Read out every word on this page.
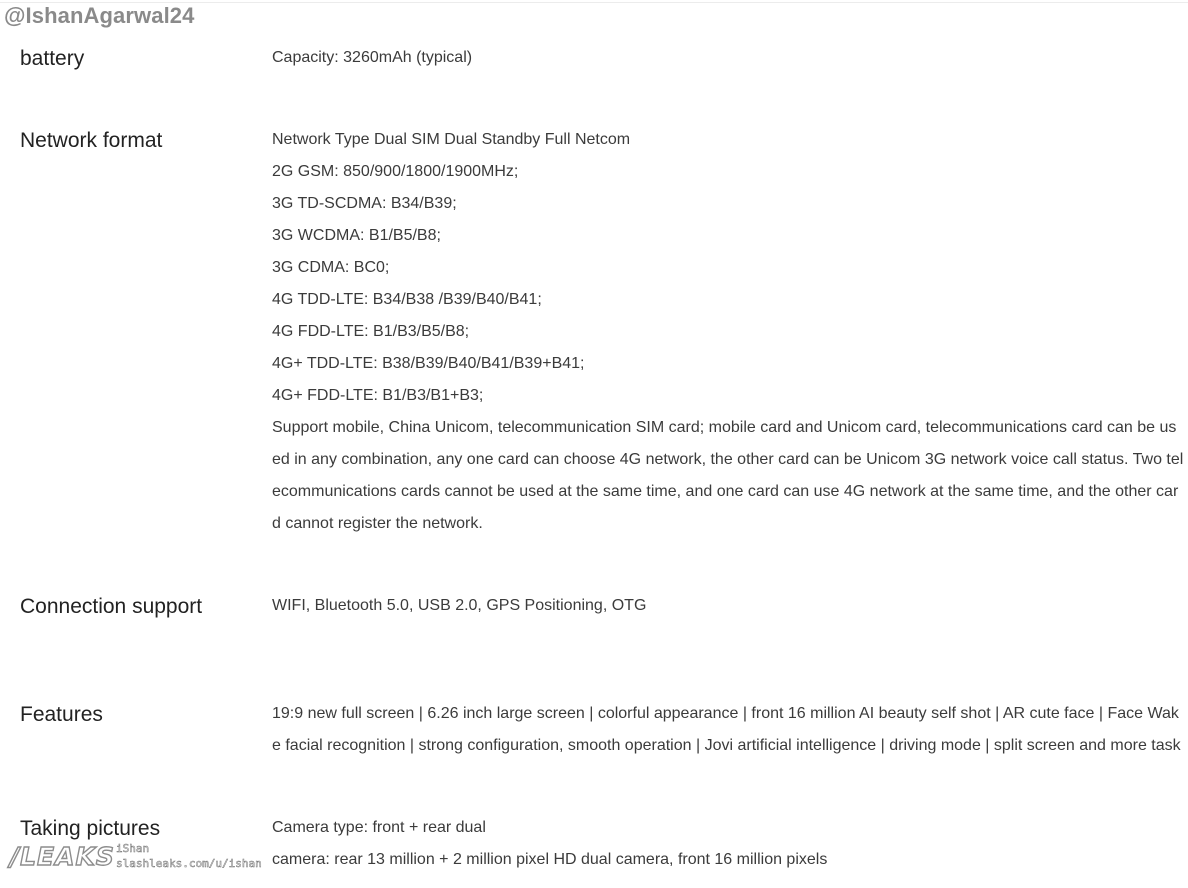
@IshanAgarwal24
battery	Capacity: 3260mAh (typical)
Network format	Network Type Dual SIM Dual Standby Full Netcom
2G GSM: 850/900/1800/1900MHz;
3G TD-SCDMA: B34/B39;
3G WCDMA: B1/B5/B8;
3G CDMA: BC0;
4G TDD-LTE: B34/B38 /B39/B40/B41;
4G FDD-LTE: B1/B3/B5/B8;
4G+ TDD-LTE: B38/B39/B40/B41/B39+B41;
4G+ FDD-LTE: B1/B3/B1+B3;
Support mobile, China Unicom, telecommunication SIM card; mobile card and Unicom card, telecommunications card can be used in any combination, any one card can choose 4G network, the other card can be Unicom 3G network voice call status. Two telecommunications cards cannot be used at the same time, and one card can use 4G network at the same time, and the other card cannot register the network.
Connection support	WIFI, Bluetooth 5.0, USB 2.0, GPS Positioning, OTG
Features	19:9 new full screen | 6.26 inch large screen | colorful appearance | front 16 million AI beauty self shot | AR cute face | Face Wake facial recognition | strong configuration, smooth operation | Jovi artificial intelligence | driving mode | split screen and more task
Taking pictures	Camera type: front + rear dual
camera: rear 13 million + 2 million pixel HD dual camera, front 16 million pixels
/LEAKS iShan
slashleaks.com/u/ishan
